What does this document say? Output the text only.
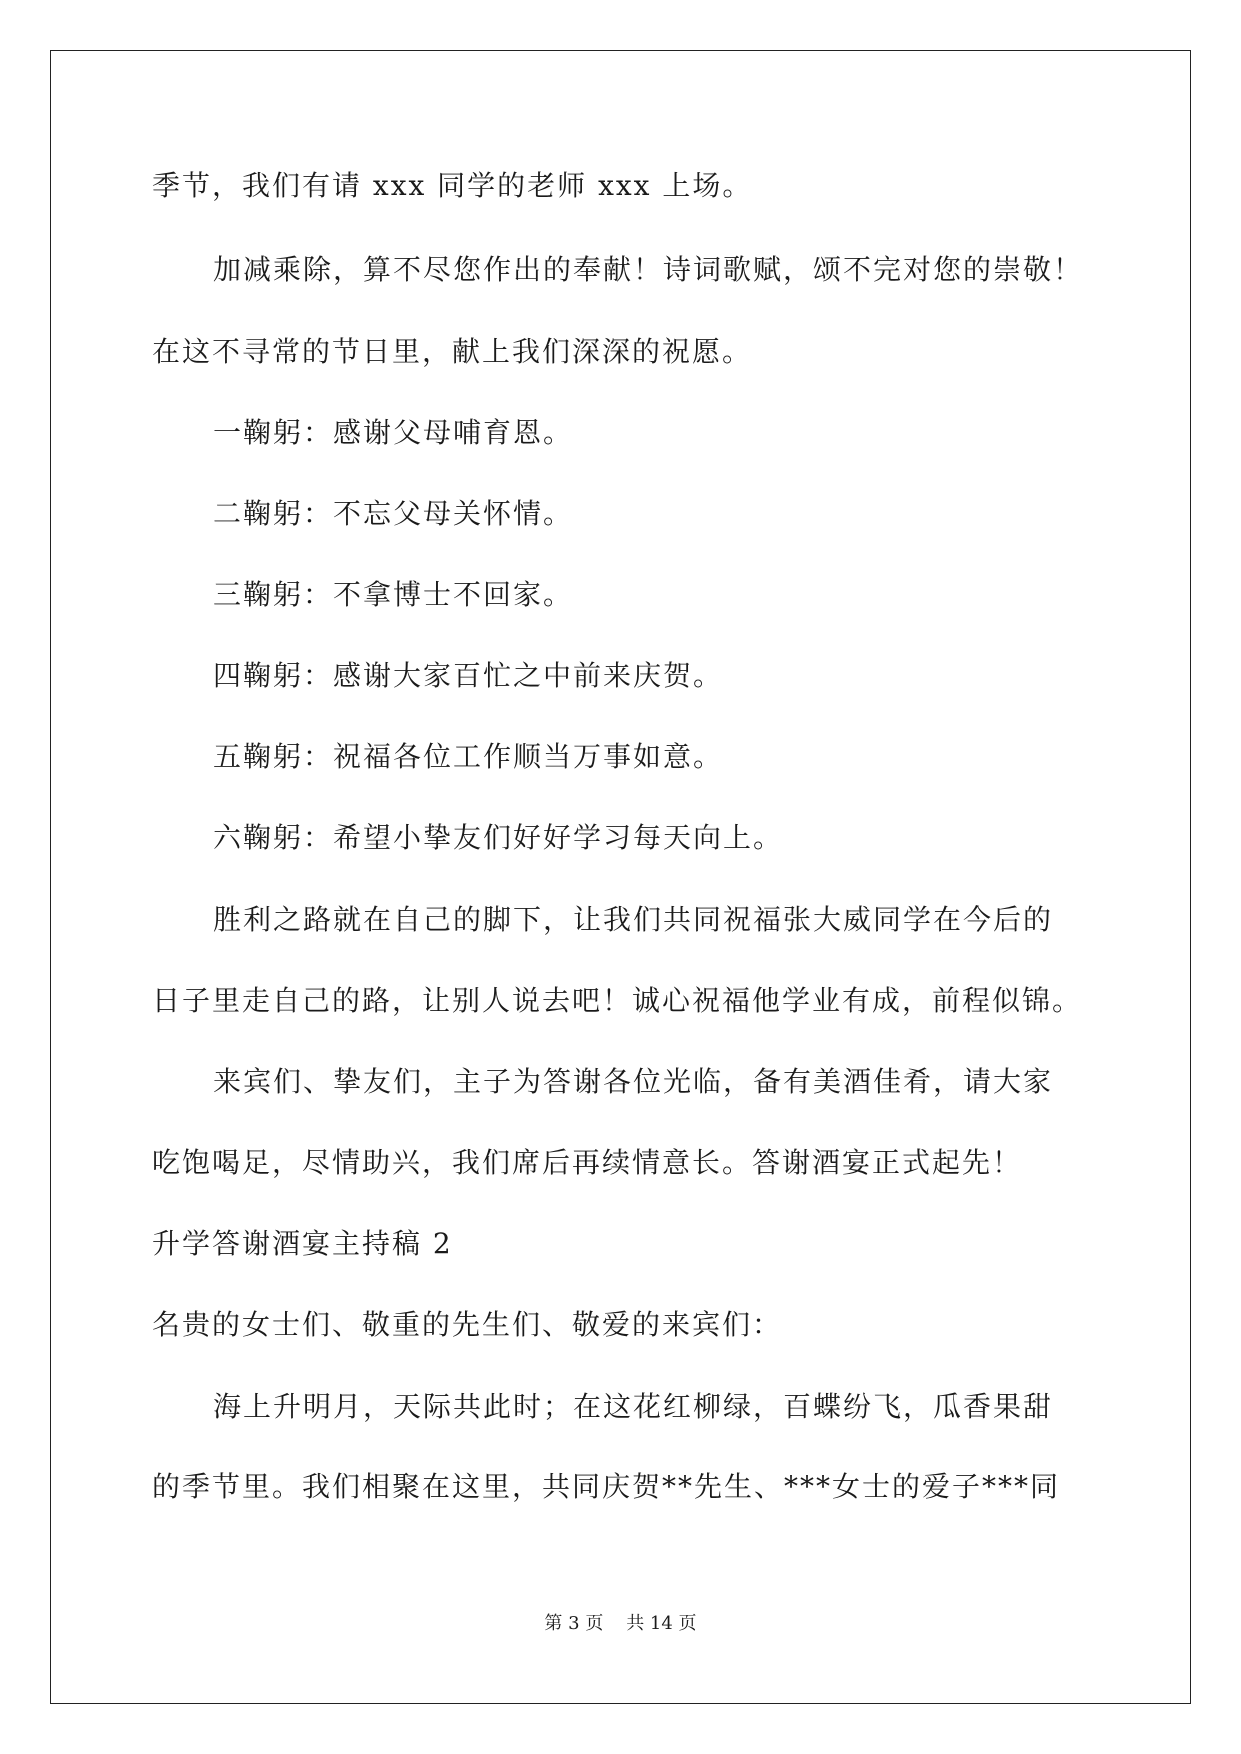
季节，我们有请 xxx 同学的老师 xxx 上场。
加减乘除，算不尽您作出的奉献！诗词歌赋，颂不完对您的崇敬！
在这不寻常的节日里，献上我们深深的祝愿。
一鞠躬：感谢父母哺育恩。
二鞠躬：不忘父母关怀情。
三鞠躬：不拿博士不回家。
四鞠躬：感谢大家百忙之中前来庆贺。
五鞠躬：祝福各位工作顺当万事如意。
六鞠躬：希望小挚友们好好学习每天向上。
胜利之路就在自己的脚下，让我们共同祝福张大威同学在今后的
日子里走自己的路，让别人说去吧！诚心祝福他学业有成，前程似锦。
来宾们、挚友们，主子为答谢各位光临，备有美酒佳肴，请大家
吃饱喝足，尽情助兴，我们席后再续情意长。答谢酒宴正式起先！
升学答谢酒宴主持稿 2
名贵的女士们、敬重的先生们、敬爱的来宾们：
海上升明月，天际共此时；在这花红柳绿，百蝶纷飞，瓜香果甜
的季节里。我们相聚在这里，共同庆贺**先生、***女士的爱子***同
第 3 页    共 14 页
